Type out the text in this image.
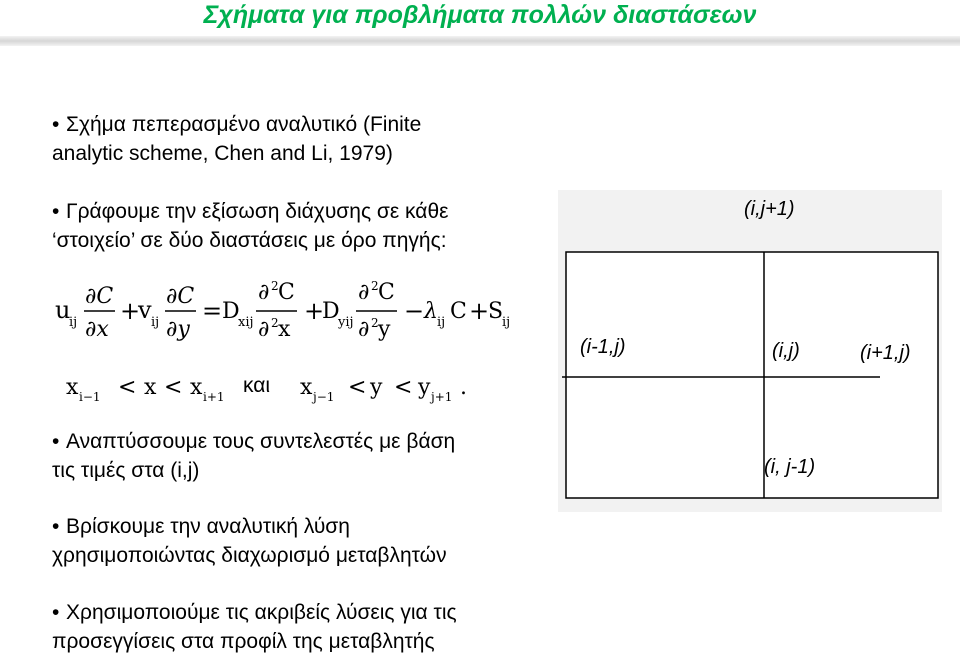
Σχήματα για προβλήματα πολλών διαστάσεων
• Σχήμα πεπερασμένο αναλυτικό (Finite
analytic scheme, Chen and Li, 1979)
• Γράφουμε την εξίσωση διάχυσης σε κάθε
‘στοιχείο’ σε δύο διαστάσεις με όρο πηγής:
u
ij
∂C
∂x
+
v ij
∂C
∂y
= D
xij
∂ 2 C
∂ 2 x
+
D
yij
∂ 2 C
∂ 2 y
− λ ij C +
S
ij
x i−1 < x < x i+1 και x j−1 < y < y j+1 .
• Αναπτύσσουμε τους συντελεστές με βάση
τις τιμές στα (i,j)
• Βρίσκουμε την αναλυτική λύση
χρησιμοποιώντας διαχωρισμό μεταβλητών
• Χρησιμοποιούμε τις ακριβείς λύσεις για τις
προσεγγίσεις στα προφίλ της μεταβλητής
(i,j+1)
(i-1,j)	(i,j)	(i+1,j)
(i, j-1)
